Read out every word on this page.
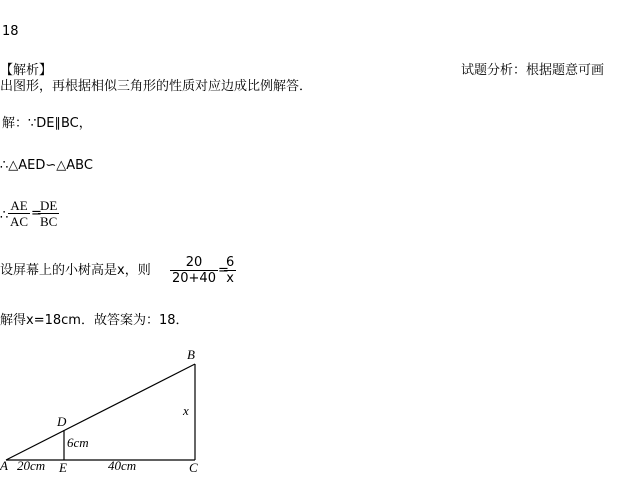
18
【解析】	试题分析：根据题意可画
出图形，再根据相似三角形的性质对应边成比例解答．
解：∵DE∥BC，
∴△AED∽△ABC
∴ $\frac{AE}{AC}$ =
$\frac{DE}{BC}$
设屏幕上的小树高是x，则 $\frac{20}{20+40}$ =
$\frac{6}{x}$
解得x=18cm．故答案为：18．
A
B
C
D
E
6cm
x
20cm	40cm
